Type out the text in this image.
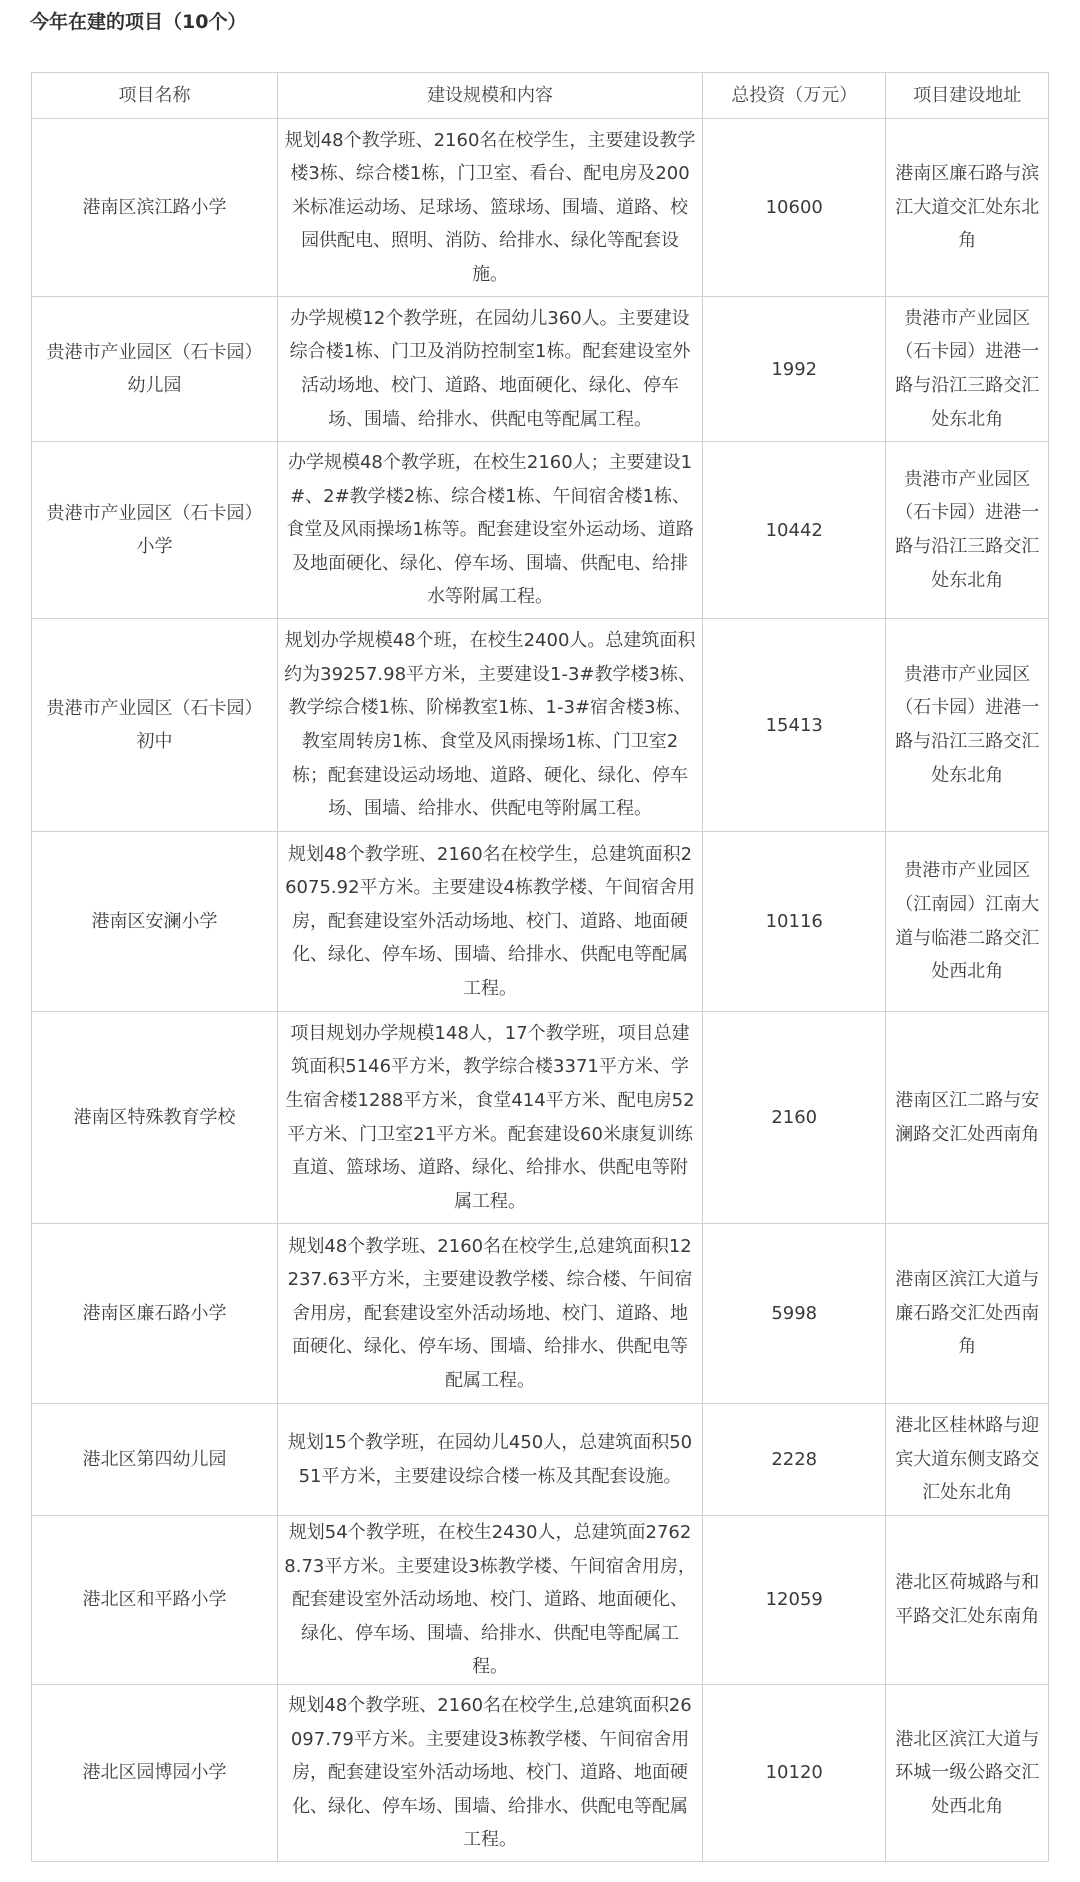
今年在建的项目（10个）
项目名称	建设规模和内容	总投资（万元）	项目建设地址
港南区滨江路小学	规划48个教学班、2160名在校学生，主要建设教学楼3栋、综合楼1栋，门卫室、看台、配电房及200米标准运动场、足球场、篮球场、围墙、道路、校园供配电、照明、消防、给排水、绿化等配套设施。	10600	港南区廉石路与滨江大道交汇处东北角
贵港市产业园区（石卡园）幼儿园	办学规模12个教学班，在园幼儿360人。主要建设综合楼1栋、门卫及消防控制室1栋。配套建设室外活动场地、校门、道路、地面硬化、绿化、停车场、围墙、给排水、供配电等配属工程。	1992	贵港市产业园区（石卡园）进港一路与沿江三路交汇处东北角
贵港市产业园区（石卡园）小学	办学规模48个教学班，在校生2160人；主要建设1#、2#教学楼2栋、综合楼1栋、午间宿舍楼1栋、食堂及风雨操场1栋等。配套建设室外运动场、道路及地面硬化、绿化、停车场、围墙、供配电、给排水等附属工程。	10442	贵港市产业园区（石卡园）进港一路与沿江三路交汇处东北角
贵港市产业园区（石卡园）初中	规划办学规模48个班，在校生2400人。总建筑面积约为39257.98平方米，主要建设1-3#教学楼3栋、教学综合楼1栋、阶梯教室1栋、1-3#宿舍楼3栋、教室周转房1栋、食堂及风雨操场1栋、门卫室2栋；配套建设运动场地、道路、硬化、绿化、停车场、围墙、给排水、供配电等附属工程。	15413	贵港市产业园区（石卡园）进港一路与沿江三路交汇处东北角
港南区安澜小学	规划48个教学班、2160名在校学生，总建筑面积26075.92平方米。主要建设4栋教学楼、午间宿舍用房，配套建设室外活动场地、校门、道路、地面硬化、绿化、停车场、围墙、给排水、供配电等配属工程。	10116	贵港市产业园区（江南园）江南大道与临港二路交汇处西北角
港南区特殊教育学校	项目规划办学规模148人，17个教学班，项目总建筑面积5146平方米，教学综合楼3371平方米、学生宿舍楼1288平方米，食堂414平方米、配电房52平方米、门卫室21平方米。配套建设60米康复训练直道、篮球场、道路、绿化、给排水、供配电等附属工程。	2160	港南区江二路与安澜路交汇处西南角
港南区廉石路小学	规划48个教学班、2160名在校学生,总建筑面积12237.63平方米，主要建设教学楼、综合楼、午间宿舍用房，配套建设室外活动场地、校门、道路、地面硬化、绿化、停车场、围墙、给排水、供配电等配属工程。	5998	港南区滨江大道与廉石路交汇处西南角
港北区第四幼儿园	规划15个教学班，在园幼儿450人，总建筑面积5051平方米，主要建设综合楼一栋及其配套设施。	2228	港北区桂林路与迎宾大道东侧支路交汇处东北角
港北区和平路小学	规划54个教学班，在校生2430人，总建筑面27628.73平方米。主要建设3栋教学楼、午间宿舍用房，配套建设室外活动场地、校门、道路、地面硬化、绿化、停车场、围墙、给排水、供配电等配属工程。	12059	港北区荷城路与和平路交汇处东南角
港北区园博园小学	规划48个教学班、2160名在校学生,总建筑面积26097.79平方米。主要建设3栋教学楼、午间宿舍用房，配套建设室外活动场地、校门、道路、地面硬化、绿化、停车场、围墙、给排水、供配电等配属工程。	10120	港北区滨江大道与环城一级公路交汇处西北角
